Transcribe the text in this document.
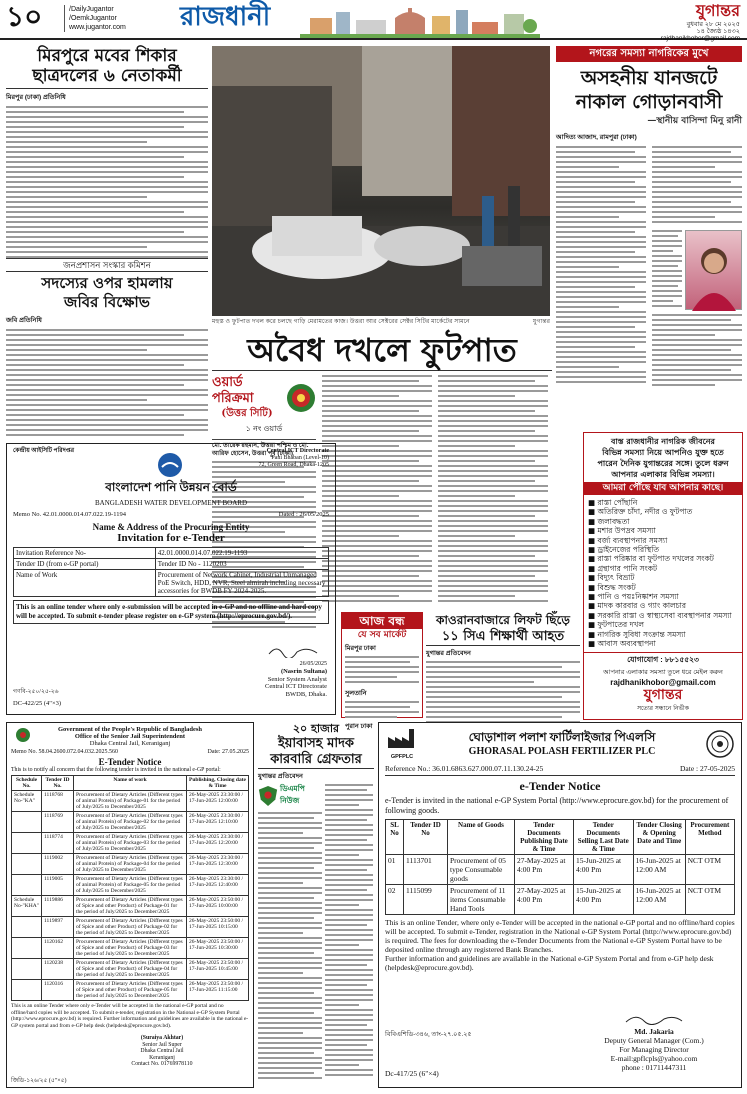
১০	/DailyJugantor
/OemkJugantor
www.jugantor.com রাজধানী	যুগান্তর
বুধবার ২৮ মে ২০২৫
১৪ জ্যৈষ্ঠ ১৪৩২
rajdhanikhobor@gmail.com
মিরপুরে মবের শিকার
ছাত্রদলের ৬ নেতাকর্মী
মিরপুর (ঢাকা) প্রতিনিধি
মহুস্ত ও ফুটপাত দখল করে চলছে গাড়ি মেরামতের কাজ। উত্তরা আর সেক্টরের সেক্টর সিটির মার্কেটের সামনে	যুগান্তর
নগরের সমস্যা নাগরিকের মুখে
অসহনীয় যানজটে
নাকাল গোড়ানবাসী
—স্থানীয় বাসিন্দা মিনু রানী
আদিত্য আজাদ, রামপুরা (ঢাকা)
অবৈধ দখলে ফুটপাত
ওয়ার্ড পরিক্রমা
(উত্তর সিটি)
১ নং ওয়ার্ড
মো. তারেক রহমান, উত্তরা পশ্চিম ও মো. আরিফ হোসেন, উত্তরা পূর্ব (ঢাকা)
জনপ্রশাসন সংস্কার কমিশন
সদস্যের ওপর হামলায়
জবির বিক্ষোভ
জবি প্রতিনিধি
কেন্দ্রীয় আইসিটি পরিদপ্তর	Central ICT Directorate
Pani Bhaban (Level-10)
72, Green Road, Dhaka-1205
বাংলাদেশ পানি উন্নয়ন বোর্ড
BANGLADESH WATER DEVELOPMENT BOARD
Memo No. 42.01.0000.014.07.022.19-1194	Dated : 26/05/2025
Name & Address of the Procuring Entity
Invitation for e-Tender
Invitation Reference No-	42.01.0000.014.07.022.19-1193
Tender ID (from e-GP portal)	Tender ID No - 1120203
Name of Work	Procurement of Network Cabinet, Industrial Unmanaged PoE Switch, HDD, NVR, Steel almirah including necessary accessories for BWDB FY 2024-2025.
This is an online tender where only e-submission will be accepted in e-GP and no offline and hard copy will be accepted. To submit e-tender please register on e-GP system (http://eprocure.gov.bd/).
26/05/2025
(Nasrin Sultana)
Senior System Analyst
Central ICT Directorate
BWDB, Dhaka.
গণবি-২৫০/২৫-২৬
DC-422/25 (4"×3)
আজ বন্ধ
যে সব মার্কেট
মিরপুর ঢাকা
সুলতানি
পুরান ঢাকা
কাওরানবাজারে লিফট ছিঁড়ে
১১ সিএ শিক্ষার্থী আহত
যুগান্তর প্রতিবেদন
বাস্ত রাজধানীর নাগরিক জীবনের
বিভিন্ন সমস্যা নিয়ে আপনিও যুক্ত হতে
পারেন দৈনিক যুগান্তরের সঙ্গে। তুলে ধরুন
আপনার এলাকার বিভিন্ন সমস্যা।
আমরা পৌঁছে যাব আপনার কাছে।
■ রাস্তা পোঁছানি
■ অতিরিক্ত চাঁদা, নদীর ও ফুটপাত
■ জলাবদ্ধতা
■ মশার উপদ্রব সমস্যা
■ বর্জ্য ব্যবস্থাপনার সমস্যা
■ ড্রাইনেজের পরিস্থিতি
■ রাস্তা পরিষ্কার বা ফুটপাত দখলের সংকট
■ গ্রন্থাগার পানি সংকট
■ বিদ্যুৎ বিভ্রাট
■ বিশুদ্ধ সংকট
■ পানি ও পয়ঃনিষ্কাশন সমস্যা
■ মাদক কারবার ও গ্যাং কালচার
■ সরকারি রাস্তা ও স্বাস্থ্যসেবা ব্যবস্থাপনার সমস্যা
■ ফুটপাতের দখল
■ নাগরিক সুবিধা সংক্রান্ত সমস্যা
■ আবাস অব্যবস্থাপনা
যোগাযোগ : ৮৮১৫৫২৩
আপনার এলাকার সমস্যা তুলে ধরে মেইল করুন
rajdhanikhobor@gmail.com
যুগান্তর
সত্যের সন্ধানে নির্ভীক
Government of the People's Republic of Bangladesh
Office of the Senior Jail Superintendent
Dhaka Central Jail, Keraniganj
Memo No. 58.04.2600.072.04.032.2025.560	Date: 27.05.2025
E-Tender Notice
This is to notify all concern that the following tender is invited in the national e-GP portal:
Schedule No.	Tender ID No.	Name of work	Publishing, Closing date & Time
Schedule No-"KA"	1118768	Procurement of Dietary Articles (Different types of animal Protein) of Package-01 for the period of July/2025 to December/2025	26-May-2025 23:30:00 / 17-Jun-2025 12:00:00
	1118769	Procurement of Dietary Articles (Different types of animal Protein) of Package-02 for the period of July/2025 to December/2025	26-May-2025 23:30:00 / 17-Jun-2025 12:10:00
	1118774	Procurement of Dietary Articles (Different types of animal Protein) of Package-03 for the period of July/2025 to December/2025	26-May-2025 23:30:00 / 17-Jun-2025 12:20:00
	1119002	Procurement of Dietary Articles (Different types of animal Protein) of Package-04 for the period of July/2025 to December/2025	26-May-2025 23:30:00 / 17-Jun-2025 12:30:00
	1119005	Procurement of Dietary Articles (Different types of animal Protein) of Package-05 for the period of July/2025 to December/2025	26-May-2025 23:30:00 / 17-Jun-2025 12:40:00
Schedule No-"KHA"	1119886	Procurement of Dietary Articles (Different types of Spice and other Product) of Package-01 for the period of July/2025 to December/2025	26-May-2025 23:50:00 / 17-Jun-2025 10:00:00
	1119897	Procurement of Dietary Articles (Different types of Spice and other Product) of Package-02 for the period of July/2025 to December/2025	26-May-2025 23:50:00 / 17-Jun-2025 10:15:00
	1120162	Procurement of Dietary Articles (Different types of Spice and other Product) of Package-03 for the period of July/2025 to December/2025	26-May-2025 23:50:00 / 17-Jun-2025 10:30:00
	1120238	Procurement of Dietary Articles (Different types of Spice and other Product) of Package-04 for the period of July/2025 to December/2025	26-May-2025 23:50:00 / 17-Jun-2025 10:45:00
	1120316	Procurement of Dietary Articles (Different types of Spice and other Product) of Package-05 for the period of July/2025 to December/2025	26-May-2025 23:50:00 / 17-Jun-2025 11:15:00
This is an online Tender where only e-Tender will be accepted in the national e-GP portal and no offline/hard copies will be accepted. To submit e-tender, registration in the National e-GP System Portal (http://www.eprocure.gov.bd) is required. Further information and guidelines are available in the national e-GP system portal and from e-GP help desk (helpdesk@eprocure.gov.bd).
(Suraiya Akhtar)
Senior Jail Super
Dhaka Central Jail
Keraniganj
Contact No. 01769978110
জিডি-১২৬/২৫ (৫"×৫)
২০ হাজার
ইয়াবাসহ মাদক
কারবারি গ্রেফতার
যুগান্তর প্রতিবেদন
ডিএমপি নিউজ
GPFPLC
ঘোড়াশাল পলাশ ফার্টিলাইজার পিএলসি
GHORASAL POLASH FERTILIZER PLC
Reference No.: 36.01.6863.627.000.07.11.130.24-25	Date : 27-05-2025
e-Tender Notice
e-Tender is invited in the national e-GP System Portal (http://www.eprocure.gov.bd) for the procurement of following goods.
SL No	Tender ID No	Name of Goods	Tender Documents Publishing Date & Time	Tender Documents Selling Last Date & Time	Tender Closing & Opening Date and Time	Procurement Method
01	1113701	Procurement of 05 type Consumable goods	27-May-2025 at 4:00 Pm	15-Jun-2025 at 4:00 Pm	16-Jun-2025 at 12:00 AM	NCT OTM
02	1115099	Procurement of 11 items Consumable Hand Tools	27-May-2025 at 4:00 Pm	15-Jun-2025 at 4:00 Pm	16-Jun-2025 at 12:00 AM	NCT OTM
This is an online Tender, where only e-Tender will be accepted in the national e-GP portal and no offline/hard copies will be accepted. To submit e-Tender, registration in the National e-GP System Portal (http://www.eprocure.gov.bd) is required. The fees for downloading the e-Tender Documents from the National e-GP System Portal have to be deposited online through any registered Bank Branches.
Further information and guidelines are available in the National e-GP System Portal and from e-GP help desk (helpdesk@eprocure.gov.bd).
Md. Jakaria
Deputy General Manager (Com.)
For Managing Director
E-mail:gpflcpls@yahoo.com
phone : 01711447311
বিবিএশিডি-৩৪৬, তাং-২৭.০৫.২৫
Dc-417/25 (6"×4)
